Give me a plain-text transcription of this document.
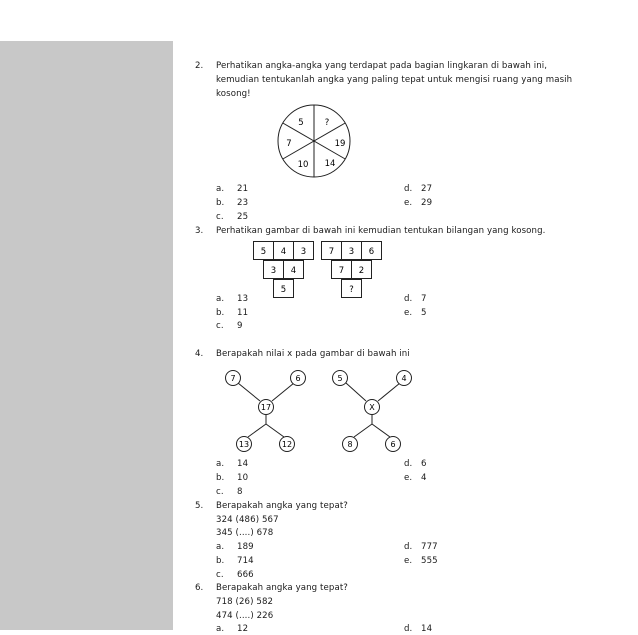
2. Perhatikan angka-angka yang terdapat pada bagian lingkaran di bawah ini,
kemudian tentukanlah angka yang paling tepat untuk mengisi ruang yang masih
kosong!
5 ?
19
14
10
7
a. 21
b. 23
c. 25
d. 27
e. 29
3. Perhatikan gambar di bawah ini kemudian tentukan bilangan yang kosong.
5 4 3
3 4
5
7 3 6
7 2
?
a. 13
b. 11
c. 9
d. 7
e. 5
4. Berapakah nilai x pada gambar di bawah ini
7	6
17
13	12
5	4
X
8	6
a. 14
b. 10
c. 8
d. 6
e. 4
5. Berapakah angka yang tepat?
324 (486) 567
345 (....) 678
a. 189
b. 714
c. 666
d. 777
e. 555
6. Berapakah angka yang tepat?
718 (26) 582
474 (....) 226
a. 12	d. 14
